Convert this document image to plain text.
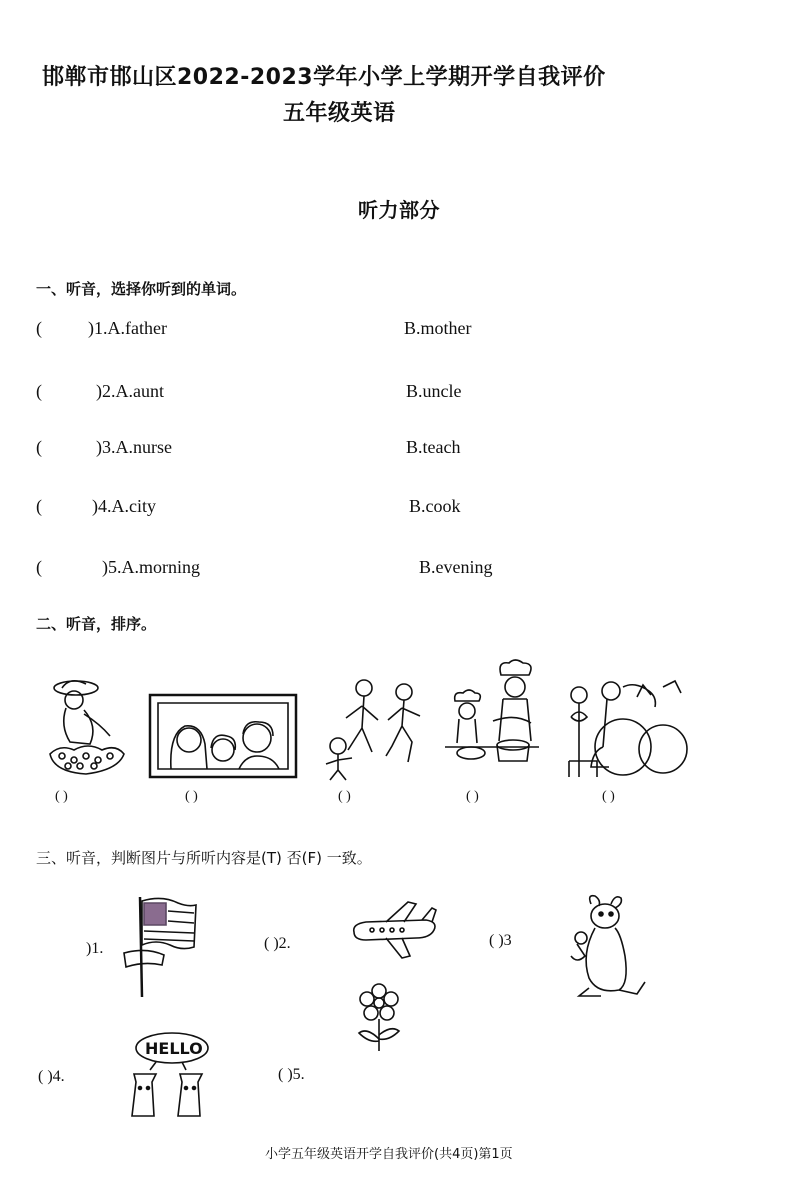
邯郸市邯山区2022-2023学年小学上学期开学自我评价
五年级英语
听力部分
一、听音，选择你听到的单词。
(	)1.A.father	B.mother
(	)2.A.aunt	B.uncle
(	)3.A.nurse	B.teach
(	)4.A.city	B.cook
(	)5.A.morning	B.evening
二、听音，排序。
( )	( )	( )	( )	( )
三、听音，判断图片与所听内容是(T) 否(F) 一致。
)1.	( )2.	( )3
( )4.
HELLO
( )5.
小学五年级英语开学自我评价(共4页)第1页
